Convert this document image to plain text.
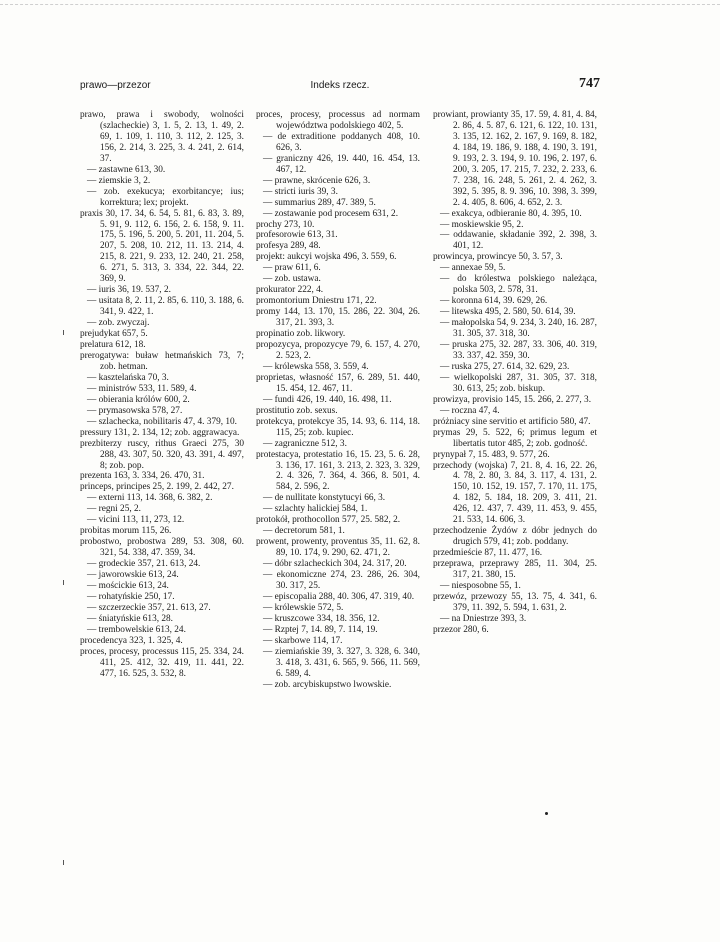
prawo—przezor	Indeks rzecz.	747
prawo, prawa i swobody, wolności (szlacheckie) 3, 1. 5, 2. 13, 1. 49, 2. 69, 1. 109, 1. 110, 3. 112, 2. 125, 3. 156, 2. 214, 3. 225, 3. 4. 241, 2. 614, 37.
— zastawne 613, 30.
— ziemskie 3, 2.
— zob. exekucya; exorbitancye; ius; korrektura; lex; projekt.
praxis 30, 17. 34, 6. 54, 5. 81, 6. 83, 3. 89, 5. 91, 9. 112, 6. 156, 2. 6. 158, 9. 11. 175, 5. 196, 5. 200, 5. 201, 11. 204, 5. 207, 5. 208, 10. 212, 11. 13. 214, 4. 215, 8. 221, 9. 233, 12. 240, 21. 258, 6. 271, 5. 313, 3. 334, 22. 344, 22. 369, 9.
— iuris 36, 19. 537, 2.
— usitata 8, 2. 11, 2. 85, 6. 110, 3. 188, 6. 341, 9. 422, 1.
— zob. zwyczaj.
prejudykat 657, 5.
prelatura 612, 18.
prerogatywa: buław hetmańskich 73, 7; zob. hetman.
— kasztelańska 70, 3.
— ministrów 533, 11. 589, 4.
— obierania królów 600, 2.
— prymasowska 578, 27.
— szlachecka, nobilitaris 47, 4. 379, 10.
pressury 131, 2. 134, 12; zob. aggrawacya.
prezbiterzy ruscy, rithus Graeci 275, 30 288, 43. 307, 50. 320, 43. 391, 4. 497, 8; zob. pop.
prezenta 163, 3. 334, 26. 470, 31.
princeps, principes 25, 2. 199, 2. 442, 27.
— externi 113, 14. 368, 6. 382, 2.
— regni 25, 2.
— vicini 113, 11, 273, 12.
probitas morum 115, 26.
probostwo, probostwa 289, 53. 308, 60. 321, 54. 338, 47. 359, 34.
— grodeckie 357, 21. 613, 24.
— jaworowskie 613, 24.
— mościckie 613, 24.
— rohatyńskie 250, 17.
— szczerzeckie 357, 21. 613, 27.
— śniatyńskie 613, 28.
— trembowelskie 613, 24.
procedencya 323, 1. 325, 4.
proces, procesy, processus 115, 25. 334, 24. 411, 25. 412, 32. 419, 11. 441, 22. 477, 16. 525, 3. 532, 8.
proces, procesy, processus ad normam województwa podolskiego 402, 5.
— de extraditione poddanych 408, 10. 626, 3.
— graniczny 426, 19. 440, 16. 454, 13. 467, 12.
— prawne, skrócenie 626, 3.
— stricti iuris 39, 3.
— summarius 289, 47. 389, 5.
— zostawanie pod procesem 631, 2.
prochy 273, 10.
profesorowie 613, 31.
profesya 289, 48.
projekt: aukcyi wojska 496, 3. 559, 6.
— praw 611, 6.
— zob. ustawa.
prokurator 222, 4.
promontorium Dniestru 171, 22.
promy 144, 13. 170, 15. 286, 22. 304, 26. 317, 21. 393, 3.
propinatio zob. likwory.
propozycya, propozycye 79, 6. 157, 4. 270, 2. 523, 2.
— królewska 558, 3. 559, 4.
proprietas, własność 157, 6. 289, 51. 440, 15. 454, 12. 467, 11.
— fundi 426, 19. 440, 16. 498, 11.
prostitutio zob. sexus.
protekcya, protekcye 35, 14. 93, 6. 114, 18. 115, 25; zob. kupiec.
— zagraniczne 512, 3.
protestacya, protestatio 16, 15. 23, 5. 6. 28, 3. 136, 17. 161, 3. 213, 2. 323, 3. 329, 2. 4. 326, 7. 364, 4. 366, 8. 501, 4. 584, 2. 596, 2.
— de nullitate konstytucyi 66, 3.
— szlachty halickiej 584, 1.
protokół, prothocollon 577, 25. 582, 2.
— decretorum 581, 1.
prowent, prowenty, proventus 35, 11. 62, 8. 89, 10. 174, 9. 290, 62. 471, 2.
— dóbr szlacheckich 304, 24. 317, 20.
— ekonomiczne 274, 23. 286, 26. 304, 30. 317, 25.
— episcopalia 288, 40. 306, 47. 319, 40.
— królewskie 572, 5.
— kruszcowe 334, 18. 356, 12.
— Rzptej 7, 14. 89, 7. 114, 19.
— skarbowe 114, 17.
— ziemiańskie 39, 3. 327, 3. 328, 6. 340, 3. 418, 3. 431, 6. 565, 9. 566, 11. 569, 6. 589, 4.
— zob. arcybiskupstwo lwowskie.
prowiant, prowianty 35, 17. 59, 4. 81, 4. 84, 2. 86, 4. 5. 87, 6. 121, 6. 122, 10. 131, 3. 135, 12. 162, 2. 167, 9. 169, 8. 182, 4. 184, 19. 186, 9. 188, 4. 190, 3. 191, 9. 193, 2. 3. 194, 9. 10. 196, 2. 197, 6. 200, 3. 205, 17. 215, 7. 232, 2. 233, 6. 7. 238, 16. 248, 5. 261, 2. 4. 262, 3. 392, 5. 395, 8. 9. 396, 10. 398, 3. 399, 2. 4. 405, 8. 606, 4. 652, 2. 3.
— exakcya, odbieranie 80, 4. 395, 10.
— moskiewskie 95, 2.
— oddawanie, składanie 392, 2. 398, 3. 401, 12.
prowincya, prowincye 50, 3. 57, 3.
— annexae 59, 5.
— do królestwa polskiego należąca, polska 503, 2. 578, 31.
— koronna 614, 39. 629, 26.
— litewska 495, 2. 580, 50. 614, 39.
— małopolska 54, 9. 234, 3. 240, 16. 287, 31. 305, 37. 318, 30.
— pruska 275, 32. 287, 33. 306, 40. 319, 33. 337, 42. 359, 30.
— ruska 275, 27. 614, 32. 629, 23.
— wielkopolski 287, 31. 305, 37. 318, 30. 613, 25; zob. biskup.
prowizya, provisio 145, 15. 266, 2. 277, 3.
— roczna 47, 4.
próżniacy sine servitio et artificio 580, 47.
prymas 29, 5. 522, 6; primus legum et libertatis tutor 485, 2; zob. godność.
prynypał 7, 15. 483, 9. 577, 26.
przechody (wojska) 7, 21. 8, 4. 16, 22. 26, 4. 78, 2. 80, 3. 84, 3. 117, 4. 131, 2. 150, 10. 152, 19. 157, 7. 170, 11. 175, 4. 182, 5. 184, 18. 209, 3. 411, 21. 426, 12. 437, 7. 439, 11. 453, 9. 455, 21. 533, 14. 606, 3.
przechodzenie Żydów z dóbr jednych do drugich 579, 41; zob. poddany.
przedmieście 87, 11. 477, 16.
przeprawa, przeprawy 285, 11. 304, 25. 317, 21. 380, 15.
— niesposobne 55, 1.
przewóz, przewozy 55, 13. 75, 4. 341, 6. 379, 11. 392, 5. 594, 1. 631, 2.
— na Dniestrze 393, 3.
przezor 280, 6.
